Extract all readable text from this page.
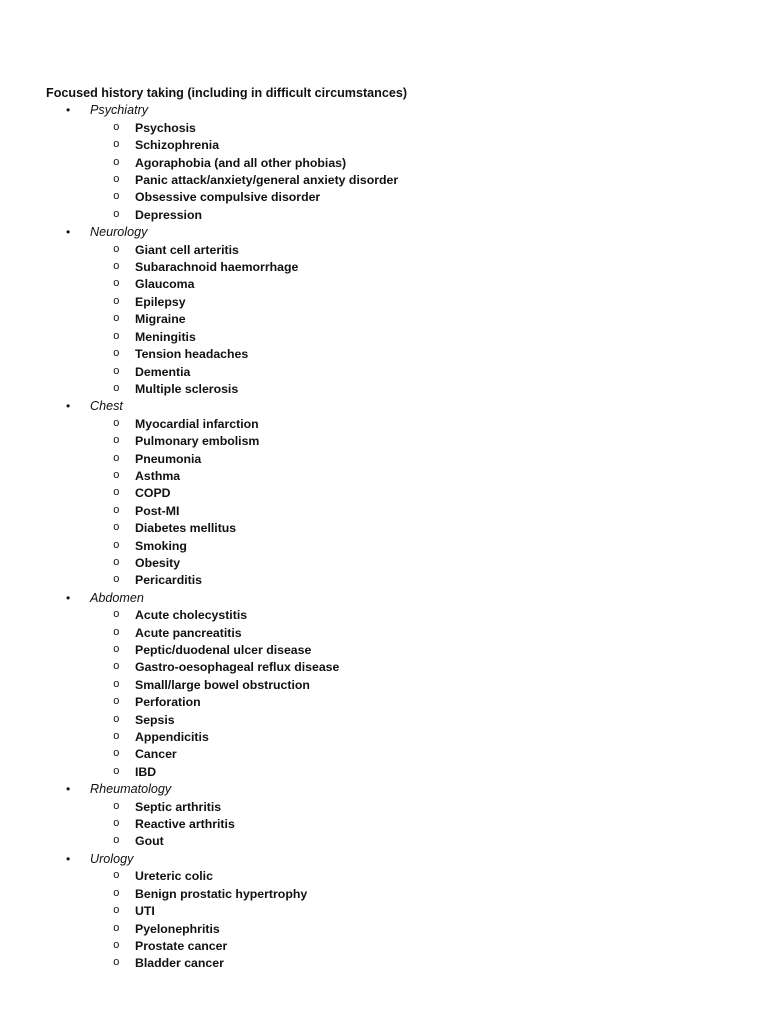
Focused history taking (including in difficult circumstances)

• Psychiatry
o Psychosis
o Schizophrenia
o Agoraphobia (and all other phobias)
o Panic attack/anxiety/general anxiety disorder
o Obsessive compulsive disorder
o Depression
• Neurology
o Giant cell arteritis
o Subarachnoid haemorrhage
o Glaucoma
o Epilepsy
o Migraine
o Meningitis
o Tension headaches
o Dementia
o Multiple sclerosis
• Chest
o Myocardial infarction
o Pulmonary embolism
o Pneumonia
o Asthma
o COPD
o Post-MI
o Diabetes mellitus
o Smoking
o Obesity
o Pericarditis
• Abdomen
o Acute cholecystitis
o Acute pancreatitis
o Peptic/duodenal ulcer disease
o Gastro-oesophageal reflux disease
o Small/large bowel obstruction
o Perforation
o Sepsis
o Appendicitis
o Cancer
o IBD
• Rheumatology
o Septic arthritis
o Reactive arthritis
o Gout
• Urology
o Ureteric colic
o Benign prostatic hypertrophy
o UTI
o Pyelonephritis
o Prostate cancer
o Bladder cancer
